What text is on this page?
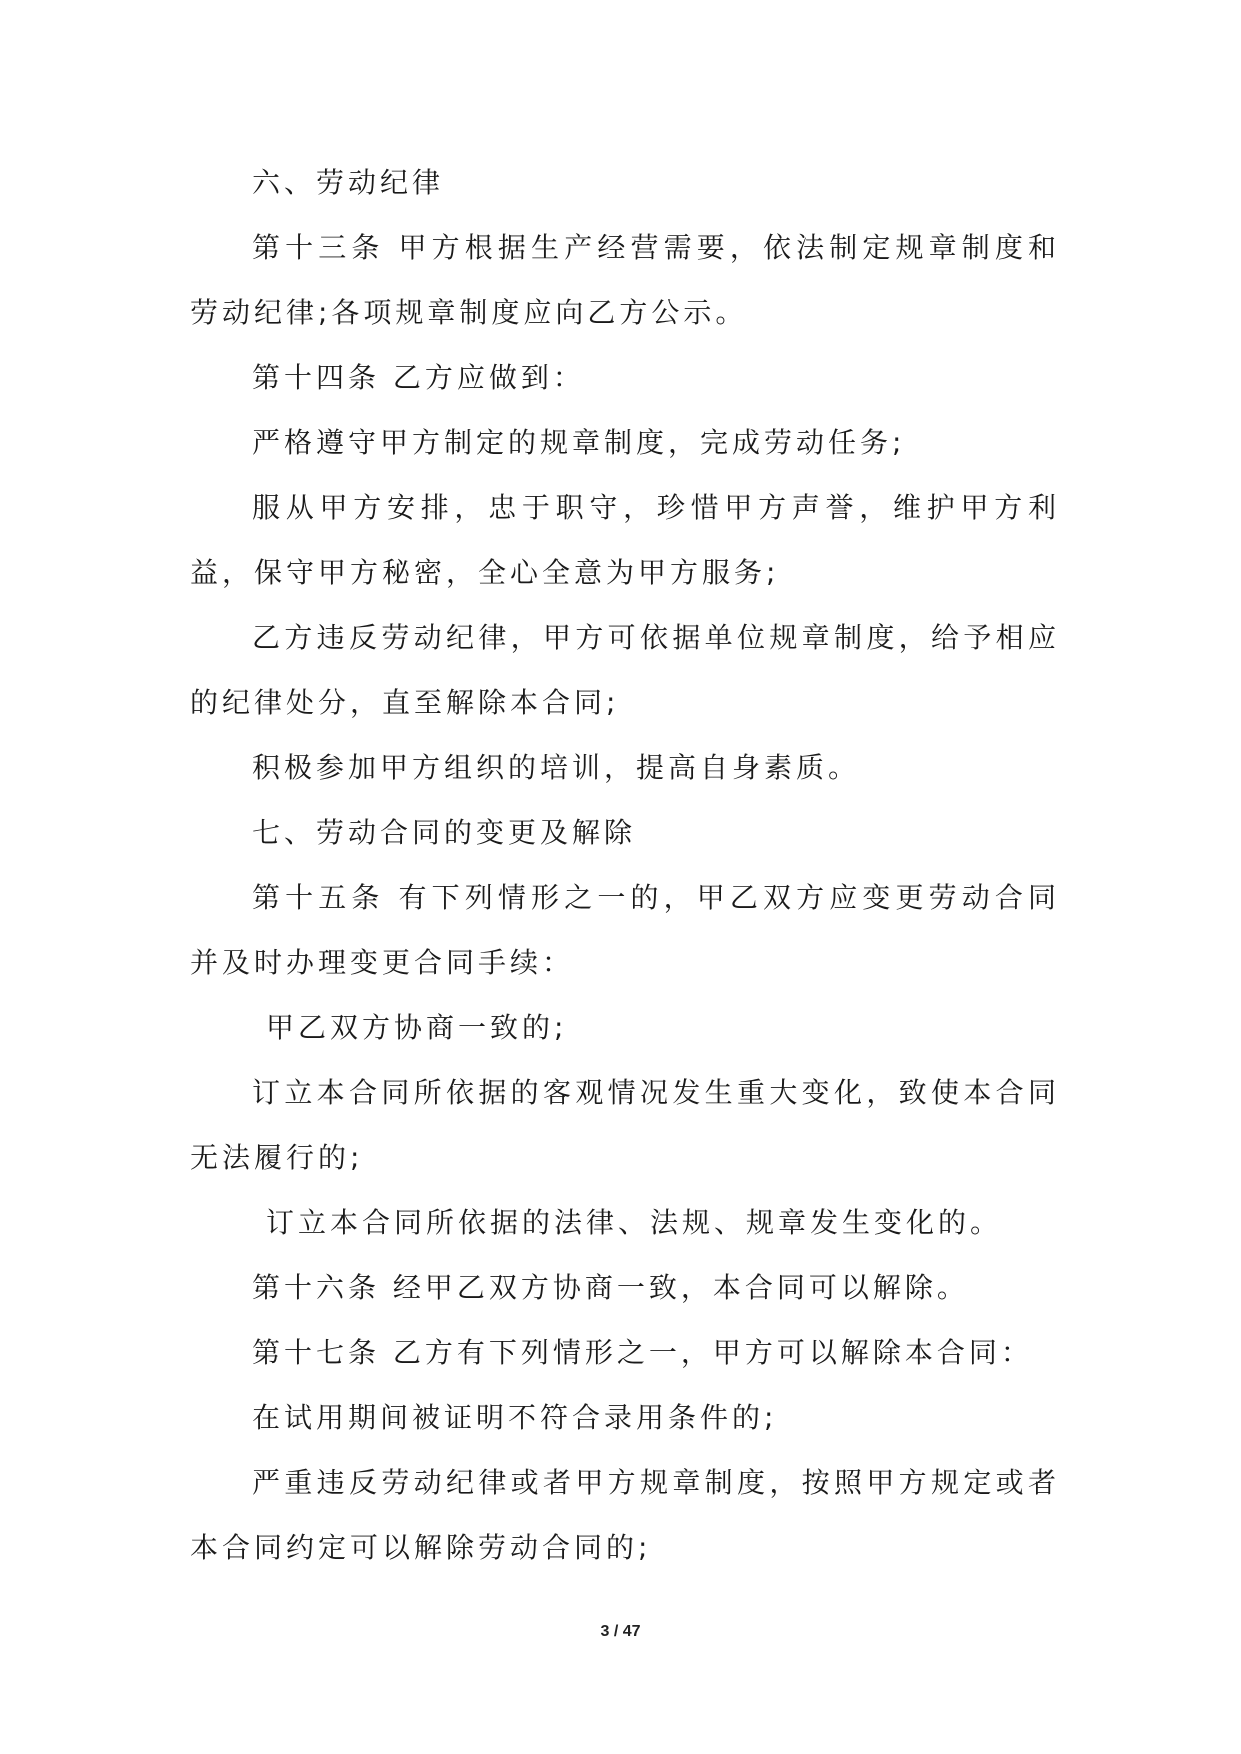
六、劳动纪律

第十三条 甲方根据生产经营需要，依法制定规章制度和劳动纪律;各项规章制度应向乙方公示。

第十四条 乙方应做到：

严格遵守甲方制定的规章制度，完成劳动任务;

服从甲方安排，忠于职守，珍惜甲方声誉，维护甲方利益，保守甲方秘密，全心全意为甲方服务;

乙方违反劳动纪律，甲方可依据单位规章制度，给予相应的纪律处分，直至解除本合同;

积极参加甲方组织的培训，提高自身素质。

七、劳动合同的变更及解除

第十五条 有下列情形之一的，甲乙双方应变更劳动合同并及时办理变更合同手续：

甲乙双方协商一致的;

订立本合同所依据的客观情况发生重大变化，致使本合同无法履行的;

订立本合同所依据的法律、法规、规章发生变化的。

第十六条 经甲乙双方协商一致，本合同可以解除。

第十七条 乙方有下列情形之一，甲方可以解除本合同：

在试用期间被证明不符合录用条件的;

严重违反劳动纪律或者甲方规章制度，按照甲方规定或者本合同约定可以解除劳动合同的;

3 / 47
